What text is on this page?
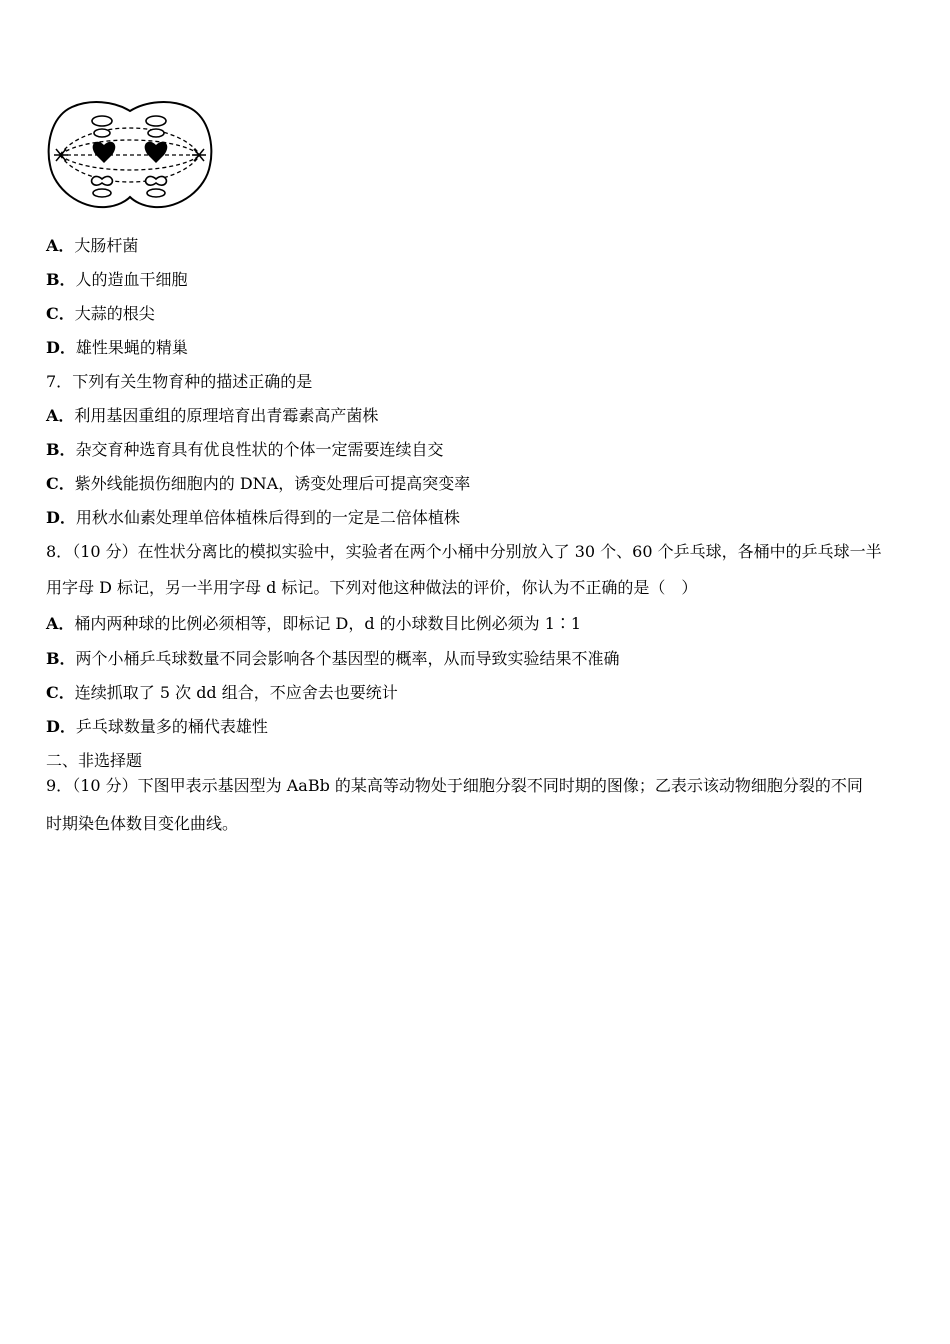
A．大肠杆菌
B．人的造血干细胞
C．大蒜的根尖
D．雄性果蝇的精巢
7．下列有关生物育种的描述正确的是
A．利用基因重组的原理培育出青霉素高产菌株
B．杂交育种选育具有优良性状的个体一定需要连续自交
C．紫外线能损伤细胞内的 DNA，诱变处理后可提高突变率
D．用秋水仙素处理单倍体植株后得到的一定是二倍体植株
8．（10 分）在性状分离比的模拟实验中，实验者在两个小桶中分别放入了 30 个、60 个乒乓球，各桶中的乒乓球一半
用字母 D 标记，另一半用字母 d 标记。下列对他这种做法的评价，你认为不正确的是（　）
A．桶内两种球的比例必须相等，即标记 D，d 的小球数目比例必须为 1∶1
B．两个小桶乒乓球数量不同会影响各个基因型的概率，从而导致实验结果不准确
C．连续抓取了 5 次 dd 组合，不应舍去也要统计
D．乒乓球数量多的桶代表雄性
二、非选择题
9．（10 分）下图甲表示基因型为 AaBb 的某高等动物处于细胞分裂不同时期的图像；乙表示该动物细胞分裂的不同
时期染色体数目变化曲线。
